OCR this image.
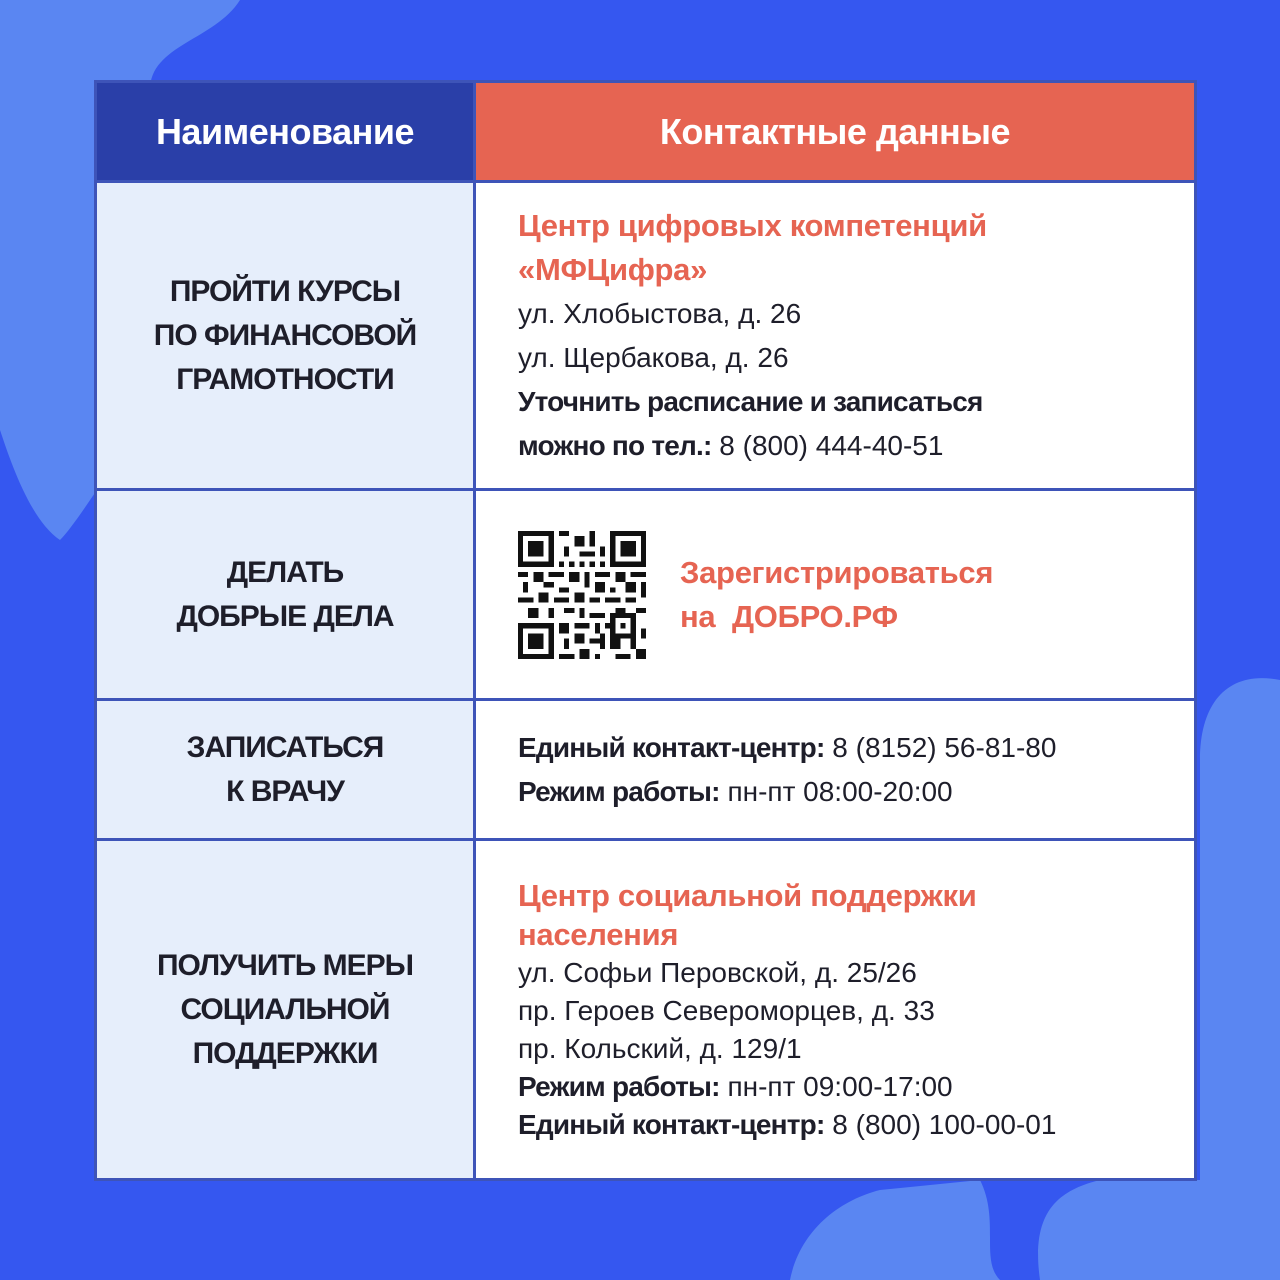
Наименование	Контактные данные
ПРОЙТИ КУРСЫ
ПО ФИНАНСОВОЙ
ГРАМОТНОСТИ
Центр цифровых компетенций
«МФЦифра»
ул. Хлобыстова, д. 26
ул. Щербакова, д. 26
Уточнить расписание и записаться
можно по тел.: 8 (800) 444-40-51
ДЕЛАТЬ
ДОБРЫЕ ДЕЛА
Зарегистрироваться
на  ДОБРО.РФ
ЗАПИСАТЬСЯ
К ВРАЧУ
Единый контакт-центр: 8 (8152) 56-81-80
Режим работы: пн-пт 08:00-20:00
ПОЛУЧИТЬ МЕРЫ
СОЦИАЛЬНОЙ
ПОДДЕРЖКИ
Центр социальной поддержки
населения
ул. Софьи Перовской, д. 25/26
пр. Героев Североморцев, д. 33
пр. Кольский, д. 129/1
Режим работы: пн-пт 09:00-17:00
Единый контакт-центр: 8 (800) 100-00-01
